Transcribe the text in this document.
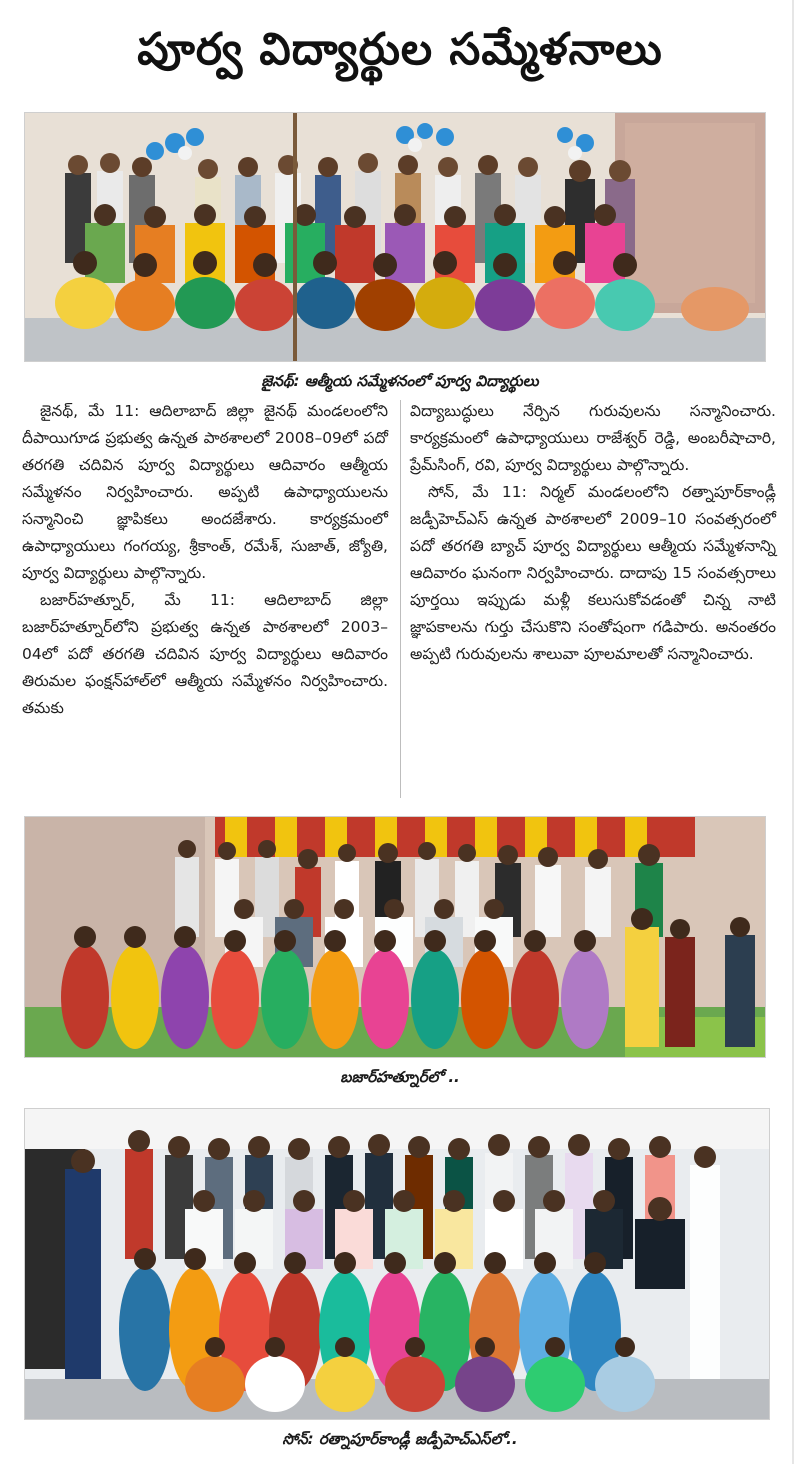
పూర్వ విద్యార్థుల సమ్మేళనాలు
జైనథ్‌: ఆత్మీయ సమ్మేళనంలో పూర్వ విద్యార్థులు

జైనథ్‌, మే 11: ఆదిలాబాద్‌ జిల్లా జైనథ్‌ మండలంలోని దీపాయిగూడ ప్రభుత్వ ఉన్నత పాఠశాలలో 2008–09లో పదో తరగతి చదివిన పూర్వ విద్యార్థులు ఆదివారం ఆత్మీయ సమ్మేళనం నిర్వహించారు. అప్పటి ఉపాధ్యాయులను సన్మానించి జ్ఞాపికలు అందజేశారు. కార్యక్రమంలో ఉపాధ్యాయులు గంగయ్య, శ్రీకాంత్‌, రమేశ్‌, సుజాత్‌, జ్యోతి, పూర్వ విద్యార్థులు పాల్గొన్నారు.

బజార్‌హత్నూర్‌, మే 11: ఆదిలాబాద్‌ జిల్లా బజార్‌హత్నూర్‌లోని ప్రభుత్వ ఉన్నత పాఠశాలలో 2003–04లో పదో తరగతి చదివిన పూర్వ విద్యార్థులు ఆదివారం తిరుమల ఫంక్షన్‌హాల్‌లో ఆత్మీయ సమ్మేళనం నిర్వహించారు. తమకు

విద్యాబుద్ధులు నేర్పిన గురువులను సన్మానించారు. కార్యక్రమంలో ఉపాధ్యాయులు రాజేశ్వర్‌ రెడ్డి, అంబరీషాచారి, ప్రేమ్‌సింగ్‌, రవి, పూర్వ విద్యార్థులు పాల్గొన్నారు.

సోన్‌, మే 11: నిర్మల్‌ మండలంలోని రత్నాపూర్‌కాండ్లీ జడ్పీహెచ్‌ఎస్‌ ఉన్నత పాఠశాలలో 2009–10 సంవత్సరంలో పదో తరగతి బ్యాచ్‌ పూర్వ విద్యార్థులు ఆత్మీయ సమ్మేళనాన్ని ఆదివారం ఘనంగా నిర్వహించారు. దాదాపు 15 సంవత్సరాలు పూర్తయి ఇప్పుడు మళ్లీ కలుసుకోవడంతో చిన్న నాటి జ్ఞాపకాలను గుర్తు చేసుకొని సంతోషంగా గడిపారు. అనంతరం అప్పటి గురువులను శాలువా పూలమాలతో సన్మానించారు.

బజార్‌హత్నూర్‌లో ..
సోన్‌: రత్నాపూర్‌కాండ్లీ జడ్పీహెచ్‌ఎస్‌లో..
